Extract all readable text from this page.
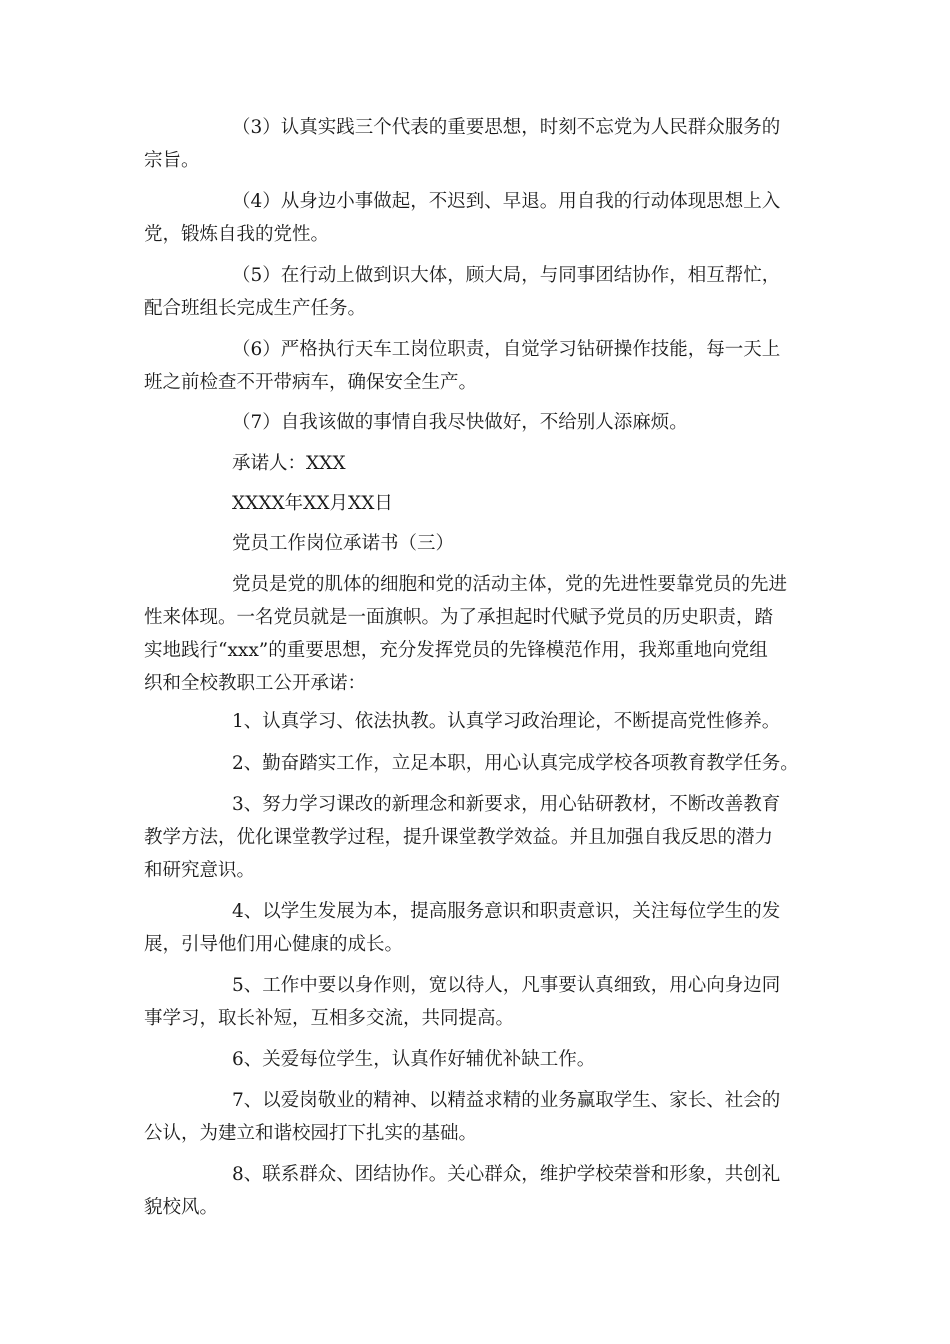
（3）认真实践三个代表的重要思想，时刻不忘党为人民群众服务的
宗旨。
（4）从身边小事做起，不迟到、早退。用自我的行动体现思想上入
党，锻炼自我的党性。
（5）在行动上做到识大体，顾大局，与同事团结协作，相互帮忙，
配合班组长完成生产任务。
（6）严格执行天车工岗位职责，自觉学习钻研操作技能，每一天上
班之前检查不开带病车，确保安全生产。
（7）自我该做的事情自我尽快做好，不给别人添麻烦。

承诺人：XXX

XXXX年XX月XX日

党员工作岗位承诺书（三）

党员是党的肌体的细胞和党的活动主体，党的先进性要靠党员的先进
性来体现。一名党员就是一面旗帜。为了承担起时代赋予党员的历史职责，踏
实地践行“xxx”的重要思想，充分发挥党员的先锋模范作用，我郑重地向党组
织和全校教职工公开承诺：
1、认真学习、依法执教。认真学习政治理论，不断提高党性修养。
2、勤奋踏实工作，立足本职，用心认真完成学校各项教育教学任务。
3、努力学习课改的新理念和新要求，用心钻研教材，不断改善教育
教学方法，优化课堂教学过程，提升课堂教学效益。并且加强自我反思的潜力
和研究意识。
4、以学生发展为本，提高服务意识和职责意识，关注每位学生的发
展，引导他们用心健康的成长。
5、工作中要以身作则，宽以待人，凡事要认真细致，用心向身边同
事学习，取长补短，互相多交流，共同提高。
6、关爱每位学生，认真作好辅优补缺工作。
7、以爱岗敬业的精神、以精益求精的业务赢取学生、家长、社会的
公认，为建立和谐校园打下扎实的基础。
8、联系群众、团结协作。关心群众，维护学校荣誉和形象，共创礼
貌校风。
